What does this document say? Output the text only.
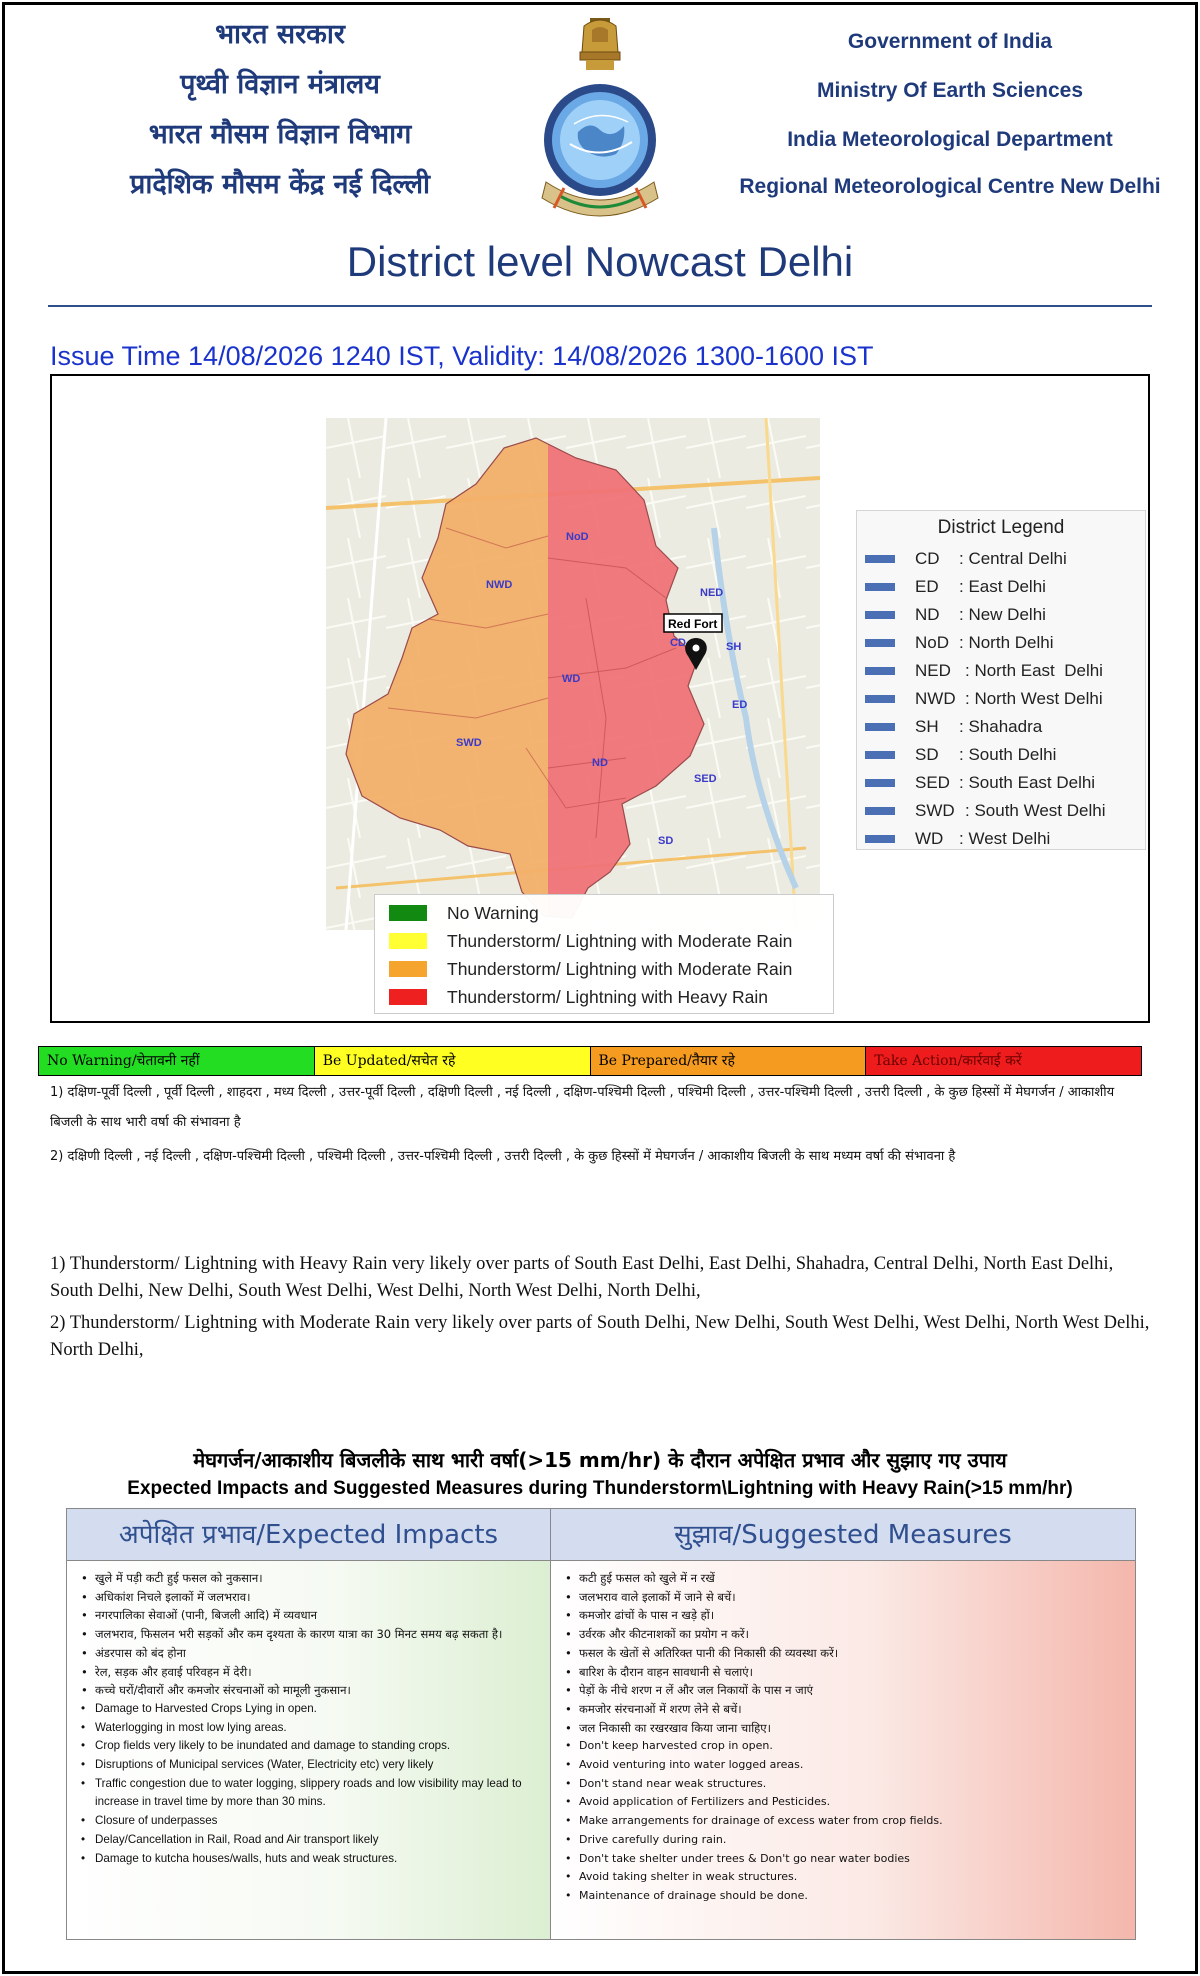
भारत सरकार
पृथ्वी विज्ञान मंत्रालय
भारत मौसम विज्ञान विभाग
प्रादेशिक मौसम केंद्र नई दिल्ली
Government of India
Ministry Of Earth Sciences
India Meteorological Department
Regional Meteorological Centre New Delhi
District level Nowcast Delhi
Issue Time 14/08/2026 1240 IST, Validity: 14/08/2026 1300-1600 IST
NoD
NWD
NED
CD	SH
WD
ED
SWD
ND
SED
SD
Red Fort
District Legend
CD	: Central Delhi
ED	: East Delhi
ND	: New Delhi
NoD : North Delhi
NED : North East  Delhi
NWD : North West Delhi
SH	: Shahadra
SD	: South Delhi
SED : South East Delhi
SWD : South West Delhi
WD : West Delhi
No Warning
Thunderstorm/ Lightning with Moderate Rain
Thunderstorm/ Lightning with Moderate Rain
Thunderstorm/ Lightning with Heavy Rain
No Warning/चेतावनी नहीं	Be Updated/सचेत रहे	Be Prepared/तैयार रहे	Take Action/कार्रवाई करें
1) दक्षिण-पूर्वी दिल्ली , पूर्वी दिल्ली , शाहदरा , मध्य दिल्ली , उत्तर-पूर्वी दिल्ली , दक्षिणी दिल्ली , नई दिल्ली , दक्षिण-पश्चिमी दिल्ली , पश्चिमी दिल्ली , उत्तर-पश्चिमी दिल्ली , उत्तरी दिल्ली , के कुछ हिस्सों में मेघगर्जन / आकाशीय बिजली के साथ भारी वर्षा की संभावना है
2) दक्षिणी दिल्ली , नई दिल्ली , दक्षिण-पश्चिमी दिल्ली , पश्चिमी दिल्ली , उत्तर-पश्चिमी दिल्ली , उत्तरी दिल्ली , के कुछ हिस्सों में मेघगर्जन / आकाशीय बिजली के साथ मध्यम वर्षा की संभावना है
1) Thunderstorm/ Lightning with Heavy Rain very likely over parts of South East Delhi, East Delhi, Shahadra, Central Delhi, North East Delhi, South Delhi, New Delhi, South West Delhi, West Delhi, North West Delhi, North Delhi,
2) Thunderstorm/ Lightning with Moderate Rain very likely over parts of South Delhi, New Delhi, South West Delhi, West Delhi, North West Delhi, North Delhi,
मेघगर्जन/आकाशीय बिजलीके साथ भारी वर्षा(>15 mm/hr) के दौरान अपेक्षित प्रभाव और सुझाए गए उपाय
Expected Impacts and Suggested Measures during Thunderstorm\Lightning with Heavy Rain(>15 mm/hr)
अपेक्षित प्रभाव/Expected Impacts	सुझाव/Suggested Measures
• खुले में पड़ी कटी हुई फसल को नुकसान।
• अधिकांश निचले इलाकों में जलभराव।
• नगरपालिका सेवाओं (पानी, बिजली आदि) में व्यवधान
• जलभराव, फिसलन भरी सड़कों और कम दृश्यता के कारण यात्रा का 30 मिनट समय बढ़ सकता है।
• अंडरपास को बंद होना
• रेल, सड़क और हवाई परिवहन में देरी।
• कच्चे घरों/दीवारों और कमजोर संरचनाओं को मामूली नुकसान।
• Damage to Harvested Crops Lying in open.
• Waterlogging in most low lying areas.
• Crop fields very likely to be inundated and damage to standing crops.
• Disruptions of Municipal services (Water, Electricity etc) very likely
• Traffic congestion due to water logging, slippery roads and low visibility may lead to increase in travel time by more than 30 mins.
• Closure of underpasses
• Delay/Cancellation in Rail, Road and Air transport likely
• Damage to kutcha houses/walls, huts and weak structures.
• कटी हुई फसल को खुले में न रखें
• जलभराव वाले इलाकों में जाने से बचें।
• कमजोर ढांचों के पास न खड़े हों।
• उर्वरक और कीटनाशकों का प्रयोग न करें।
• फसल के खेतों से अतिरिक्त पानी की निकासी की व्यवस्था करें।
• बारिश के दौरान वाहन सावधानी से चलाएं।
• पेड़ों के नीचे शरण न लें और जल निकायों के पास न जाएं
• कमजोर संरचनाओं में शरण लेने से बचें।
• जल निकासी का रखरखाव किया जाना चाहिए।
• Don't keep harvested crop in open.
• Avoid venturing into water logged areas.
• Don't stand near weak structures.
• Avoid application of Fertilizers and Pesticides.
• Make arrangements for drainage of excess water from crop fields.
• Drive carefully during rain.
• Don't take shelter under trees & Don't go near water bodies
• Avoid taking shelter in weak structures.
• Maintenance of drainage should be done.
